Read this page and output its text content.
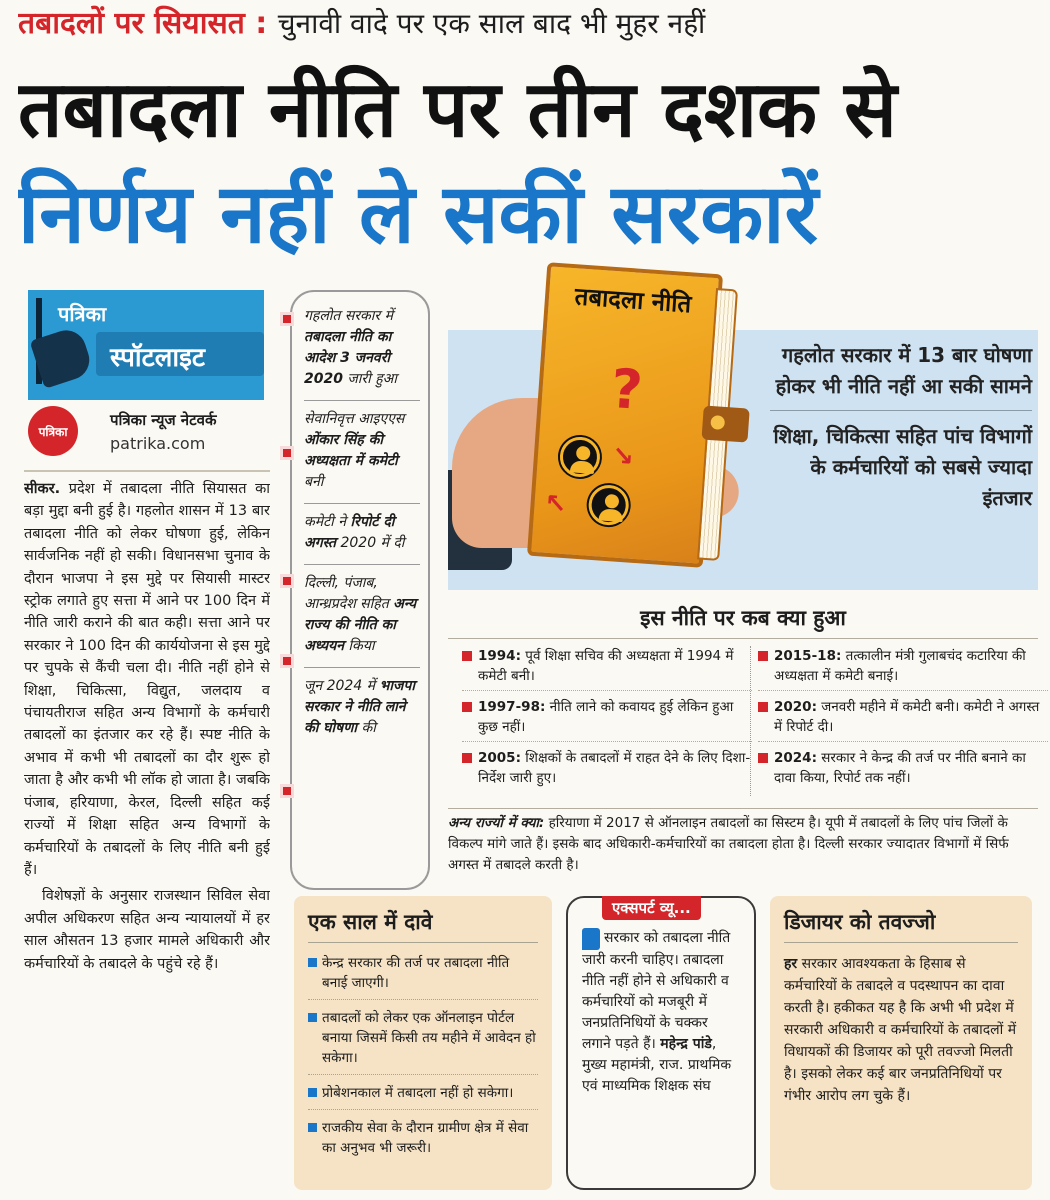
तबादलों पर सियासत : चुनावी वादे पर एक साल बाद भी मुहर नहीं
तबादला नीति पर तीन दशक से
निर्णय नहीं ले सकीं सरकारें
पत्रिका
स्पॉटलाइट
पत्रिका
पत्रिका न्यूज नेटवर्क
patrika.com

सीकर. प्रदेश में तबादला नीति सियासत का बड़ा मुद्दा बनी हुई है। गहलोत शासन में 13 बार तबादला नीति को लेकर घोषणा हुई, लेकिन सार्वजनिक नहीं हो सकी। विधानसभा चुनाव के दौरान भाजपा ने इस मुद्दे पर सियासी मास्टर स्ट्रोक लगाते हुए सत्ता में आने पर 100 दिन में नीति जारी कराने की बात कही। सत्ता आने पर सरकार ने 100 दिन की कार्ययोजना से इस मुद्दे पर चुपके से कैंची चला दी। नीति नहीं होने से शिक्षा, चिकित्सा, विद्युत, जलदाय व पंचायतीराज सहित अन्य विभागों के कर्मचारी तबादलों का इंतजार कर रहे हैं। स्पष्ट नीति के अभाव में कभी भी तबादलों का दौर शुरू हो जाता है और कभी भी लॉक हो जाता है। जबकि पंजाब, हरियाणा, केरल, दिल्ली सहित कई राज्यों में शिक्षा सहित अन्य विभागों के कर्मचारियों के तबादलों के लिए नीति बनी हुई हैं।

विशेषज्ञों के अनुसार राजस्थान सिविल सेवा अपील अधिकरण सहित अन्य न्यायालयों में हर साल औसतन 13 हजार मामले अधिकारी और कर्मचारियों के तबादले के पहुंचे रहे हैं।

गहलोत सरकार में तबादला नीति का आदेश 3 जनवरी 2020 जारी हुआ
सेवानिवृत्त आइएएस ओंकार सिंह की अध्यक्षता में कमेटी बनी
कमेटी ने रिपोर्ट दी अगस्त 2020 में दी
दिल्ली, पंजाब, आन्ध्रप्रदेश सहित अन्य राज्य की नीति का अध्ययन किया
जून 2024 में भाजपा सरकार ने नीति लाने की घोषणा की
तबादला नीति
?
↘
↖

गहलोत सरकार में 13 बार घोषणा होकर भी नीति नहीं आ सकी सामने

शिक्षा, चिकित्सा सहित पांच विभागों के कर्मचारियों को सबसे ज्यादा इंतजार

इस नीति पर कब क्या हुआ
1994: पूर्व शिक्षा सचिव की अध्यक्षता में 1994 में कमेटी बनी।
1997-98: नीति लाने को कवायद हुई लेकिन हुआ कुछ नहीं।
2005: शिक्षकों के तबादलों में राहत देने के लिए दिशा-निर्देश जारी हुए।
2015-18: तत्कालीन मंत्री गुलाबचंद कटारिया की अध्यक्षता में कमेटी बनाई।
2020: जनवरी महीने में कमेटी बनी। कमेटी ने अगस्त में रिपोर्ट दी।
2024: सरकार ने केन्द्र की तर्ज पर नीति बनाने का दावा किया, रिपोर्ट तक नहीं।
अन्य राज्यों में क्या: हरियाणा में 2017 से ऑनलाइन तबादलों का सिस्टम है। यूपी में तबादलों के लिए पांच जिलों के विकल्प मांगे जाते हैं। इसके बाद अधिकारी-कर्मचारियों का तबादला होता है। दिल्ली सरकार ज्यादातर विभागों में सिर्फ अगस्त में तबादले करती है।
एक साल में दावे
केन्द्र सरकार की तर्ज पर तबादला नीति बनाई जाएगी।
तबादलों को लेकर एक ऑनलाइन पोर्टल बनाया जिसमें किसी तय महीने में आवेदन हो सकेगा।
प्रोबेशनकाल में तबादला नहीं हो सकेगा।
राजकीय सेवा के दौरान ग्रामीण क्षेत्र में सेवा का अनुभव भी जरूरी।
एक्सपर्ट व्यू...

सरकार को तबादला नीति जारी करनी चाहिए। तबादला नीति नहीं होने से अधिकारी व कर्मचारियों को मजबूरी में जनप्रतिनिधियों के चक्कर लगाने पड़ते हैं। महेन्द्र पांडे, मुख्य महामंत्री, राज. प्राथमिक एवं माध्यमिक शिक्षक संघ

डिजायर को तवज्जो

हर सरकार आवश्यकता के हिसाब से कर्मचारियों के तबादले व पदस्थापन का दावा करती है। हकीकत यह है कि अभी भी प्रदेश में सरकारी अधिकारी व कर्मचारियों के तबादलों में विधायकों की डिजायर को पूरी तवज्जो मिलती है। इसको लेकर कई बार जनप्रतिनिधियों पर गंभीर आरोप लग चुके हैं।
